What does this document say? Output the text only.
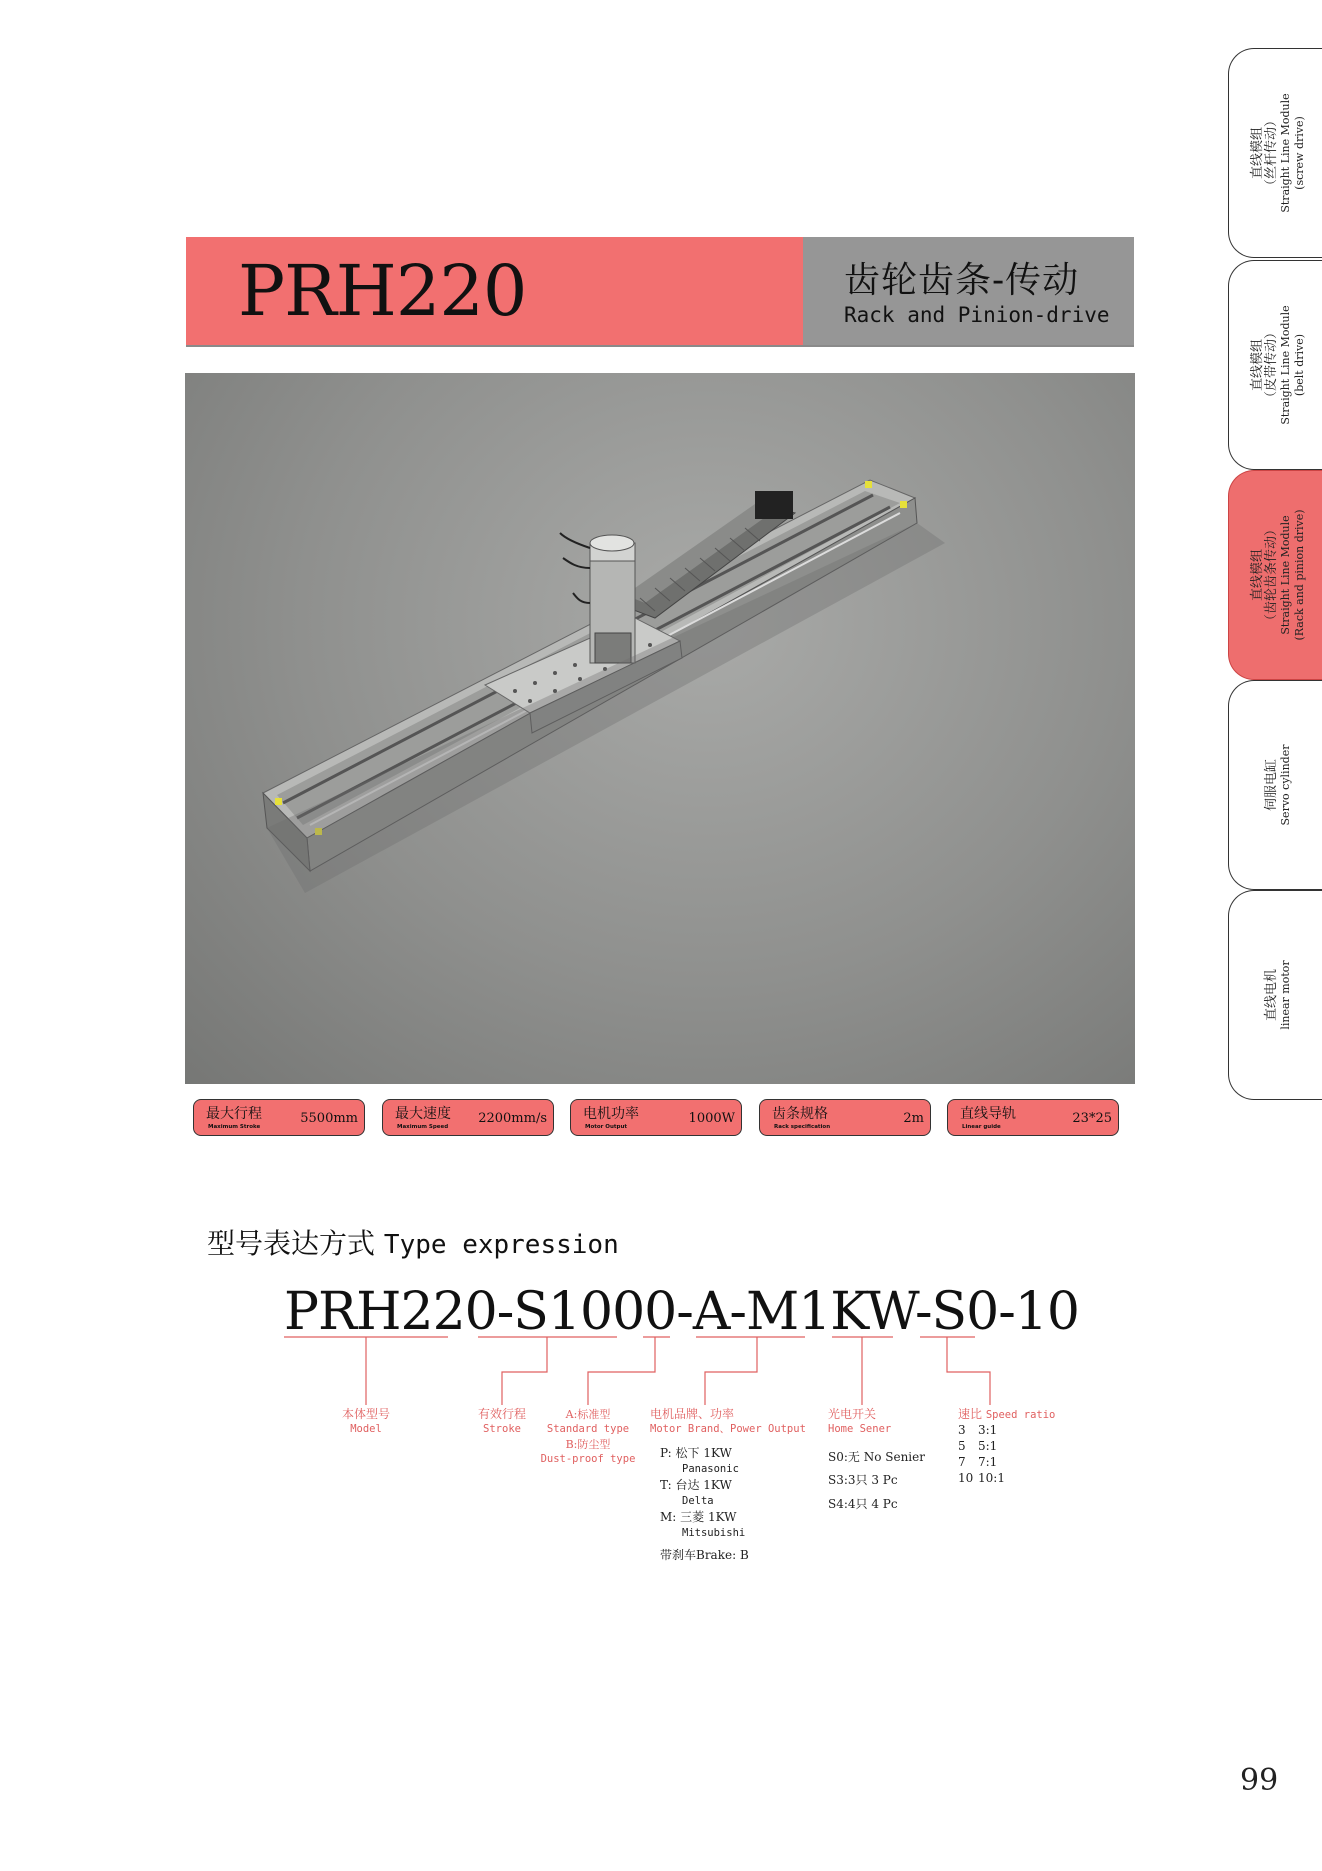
直线模组 （丝杆传动） Straight Line Module (screw drive)
直线模组 （皮带传动） Straight Line Module (belt drive)
直线模组 （齿轮齿条传动） Straight Line Module (Rack and pinion drive)
伺服电缸 Servo cylinder
直线电机 linear motor
PRH220	齿轮齿条-传动
Rack and Pinion-drive
最大行程
Maximum Stroke
5500mm	最大速度
Maximum Speed
2200mm/s	电机功率
Motor Output
1000W	齿条规格
Rack specification
2m	直线导轨
Linear guide
23*25
型号表达方式 Type expression
PRH220-S1000-A-M1KW-S0-10
本体型号
Model
有效行程
Stroke
A:标准型
Standard type
B:防尘型
Dust-proof type
电机品牌、功率
Motor Brand、Power Output
光电开关
Home Sener
速比 Speed ratio
P: 松下 1KW
Panasonic
T: 台达 1KW
Delta
M: 三菱 1KW
Mitsubishi
带刹车Brake: B
S0:无 No Senier
S3:3只 3 Pc
S4:4只 4 Pc
3 3:1
5 5:1
7 7:1
10 10:1
99
